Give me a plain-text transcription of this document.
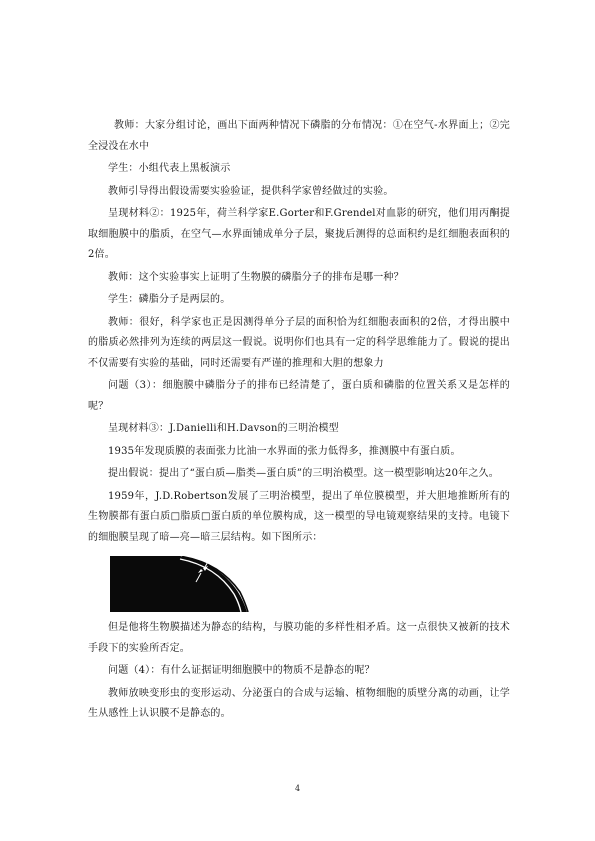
教师：大家分组讨论，画出下面两种情况下磷脂的分布情况：①在空气-水界面上；②完全浸没在水中

学生：小组代表上黑板演示

教师引导得出假设需要实验验证，提供科学家曾经做过的实验。

呈现材料②：1925年，荷兰科学家E.Gorter和F.Grendel对血影的研究，他们用丙酮提取细胞膜中的脂质，在空气—水界面铺成单分子层，聚拢后测得的总面积约是红细胞表面积的2倍。

教师：这个实验事实上证明了生物膜的磷脂分子的排布是哪一种？

学生：磷脂分子是两层的。

教师：很好，科学家也正是因测得单分子层的面积恰为红细胞表面积的2倍，才得出膜中的脂质必然排列为连续的两层这一假说。说明你们也具有一定的科学思维能力了。假说的提出不仅需要有实验的基础，同时还需要有严谨的推理和大胆的想象力

问题（3）：细胞膜中磷脂分子的排布已经清楚了，蛋白质和磷脂的位置关系又是怎样的呢？

呈现材料③：J.Danielli和H.Davson的三明治模型

1935年发现质膜的表面张力比油一水界面的张力低得多，推测膜中有蛋白质。

提出假说：提出了“蛋白质—脂类—蛋白质”的三明治模型。这一模型影响达20年之久。

1959年，J.D.Robertson发展了三明治模型，提出了单位膜模型，并大胆地推断所有的生物膜都有蛋白质□脂质□蛋白质的单位膜构成，这一模型的导电镜观察结果的支持。电镜下的细胞膜呈现了暗—亮—暗三层结构。如下图所示：

但是他将生物膜描述为静态的结构，与膜功能的多样性相矛盾。这一点很快又被新的技术手段下的实验所否定。

问题（4）：有什么证据证明细胞膜中的物质不是静态的呢？

教师放映变形虫的变形运动、分泌蛋白的合成与运输、植物细胞的质壁分离的动画，让学生从感性上认识膜不是静态的。

4
